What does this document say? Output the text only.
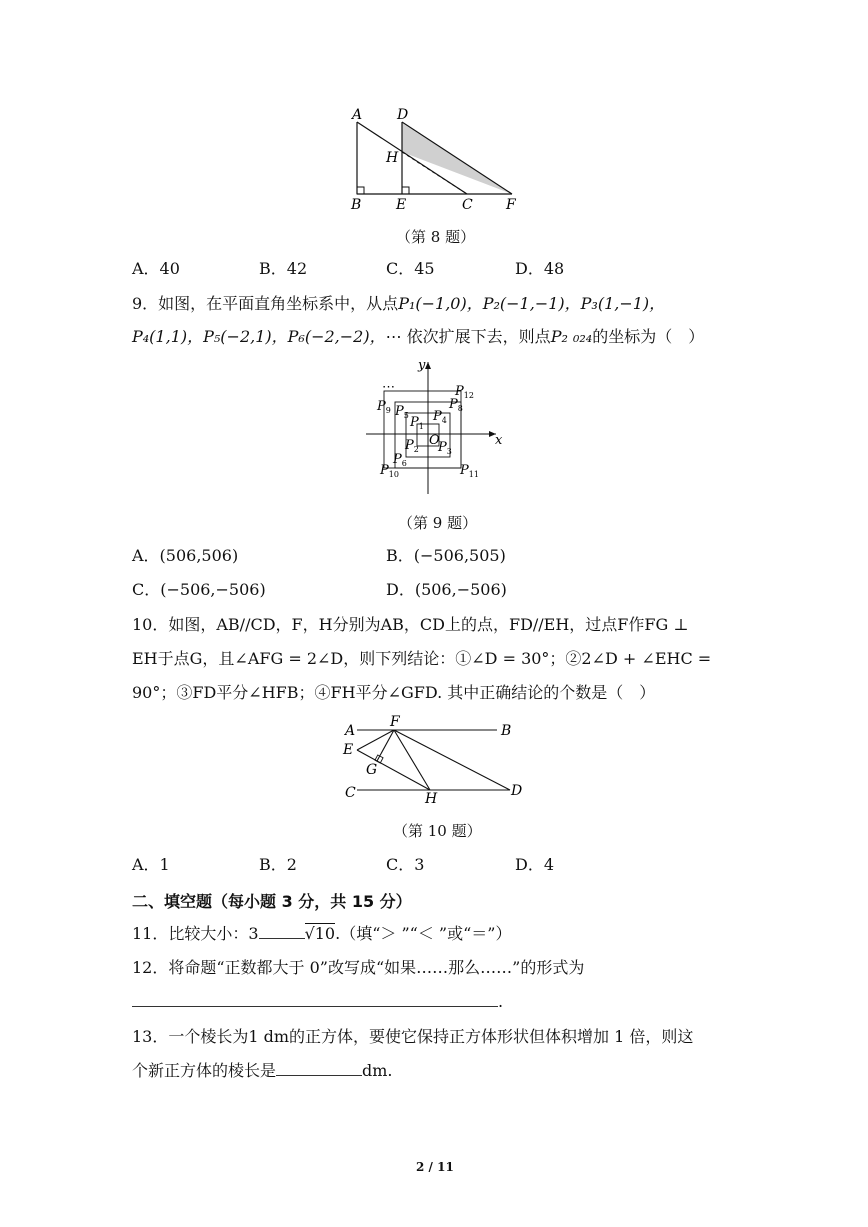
A D
H
B E	C F
（第 8 题）
A．40	B．42	C．45	D．48
9．如图，在平面直角坐标系中，从点P₁(−1,0)，P₂(−1,−1)，P₃(1,−1)，
P₄(1,1)，P₅(−2,1)，P₆(−2,−2)，⋯ 依次扩展下去，则点P₂ ₀₂₄的坐标为（　）
x
y
O
⋯
$P_1$
$P_2$ $P_3$
$P_4$
$P_5$
$P_6$
$P_8$
$P_9$
$P_{10}$	$P_{11}$
$P_{12}$
（第 9 题）
A．(506,506)	B．(−506,505)
C．(−506,−506)	D．(506,−506)
10．如图，AB//CD，F，H分别为AB，CD上的点，FD//EH，过点F作FG ⊥
EH于点G，且∠AFG = 2∠D，则下列结论：①∠D = 30°；②2∠D + ∠EHC =
90°；③FD平分∠HFB；④FH平分∠GFD. 其中正确结论的个数是（　）
A
F
B
E
G
C	H	D
（第 10 题）
A．1	B．2	C．3	D．4
二、填空题（每小题 3 分，共 15 分）
11．比较大小：3	√10.（填“＞ ”“＜ ”或“＝”）
12．将命题“正数都大于 0”改写成“如果……那么……”的形式为
.
13．一个棱长为1 dm的正方体，要使它保持正方体形状但体积增加 1 倍，则这
个新正方体的棱长是	dm.
2 / 11
